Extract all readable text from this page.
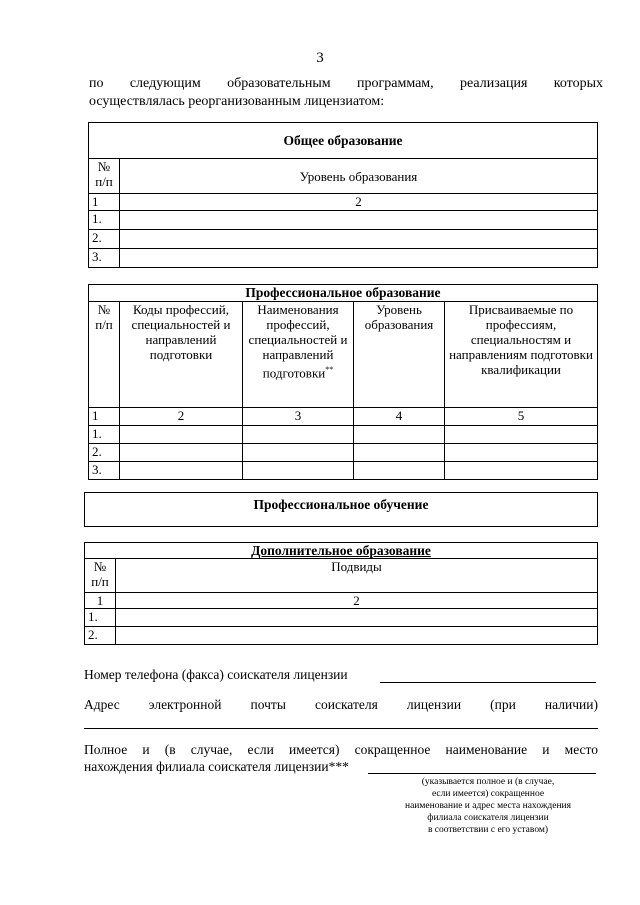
3
по следующим образовательным программам, реализация которых
осуществлялась реорганизованным лицензиатом:
Общее образование	

№
п/п	Уровень образования
1	2
1.	
2.	
3.	
Профессиональное образование				

№
п/п	Коды профессий, специальностей и направлений подготовки	Наименования профессий, специальностей и направлений подготовки**	Уровень образования	Присваиваемые по профессиям, специальностям и направлениям подготовки квалификации
1	2	3	4	5
1.				
2.				
3.				
Профессиональное обучение
Дополнительное образование	

№
п/п	Подвиды
1	2
1.	
2.	
Номер телефона (факса) соискателя лицензии
Адрес электронной почты соискателя лицензии (при наличии)
Полное и (в случае, если имеется) сокращенное наименование и место
нахождения филиала соискателя лицензии***
(указывается полное и (в случае,
если имеется) сокращенное
наименование и адрес места нахождения
филиала соискателя лицензии
в соответствии с его уставом)
